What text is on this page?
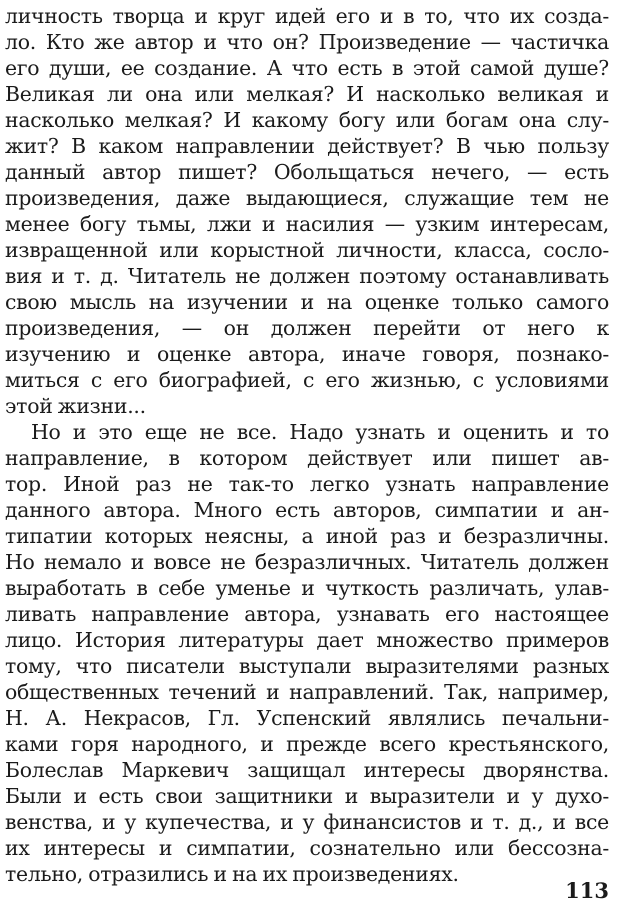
личность творца и круг идей его и в то, что их созда-
ло. Кто же автор и что он? Произведение — частичка
его души, ее создание. А что есть в этой самой душе?
Великая ли она или мелкая? И насколько великая и
насколько мелкая? И какому богу или богам она слу-
жит? В каком направлении действует? В чью пользу
данный автор пишет? Обольщаться нечего, — есть
произведения, даже выдающиеся, служащие тем не
менее богу тьмы, лжи и насилия — узким интересам,
извращенной или корыстной личности, класса, сосло-
вия и т. д. Читатель не должен поэтому останавливать
свою мысль на изучении и на оценке только самого
произведения, — он должен перейти от него к
изучению и оценке автора, иначе говоря, познако-
миться с его биографией, с его жизнью, с условиями
этой жизни...
Но и это еще не все. Надо узнать и оценить и то
направление, в котором действует или пишет ав-
тор. Иной раз не так-то легко узнать направление
данного автора. Много есть авторов, симпатии и ан-
типатии которых неясны, а иной раз и безразличны.
Но немало и вовсе не безразличных. Читатель должен
выработать в себе уменье и чуткость различать, улав-
ливать направление автора, узнавать его настоящее
лицо. История литературы дает множество примеров
тому, что писатели выступали выразителями разных
общественных течений и направлений. Так, например,
Н. А. Некрасов, Гл. Успенский являлись печальни-
ками горя народного, и прежде всего крестьянского,
Болеслав Маркевич защищал интересы дворянства.
Были и есть свои защитники и выразители и у духо-
венства, и у купечества, и у финансистов и т. д., и все
их интересы и симпатии, сознательно или бессозна-
тельно, отразились и на их произведениях.
113
